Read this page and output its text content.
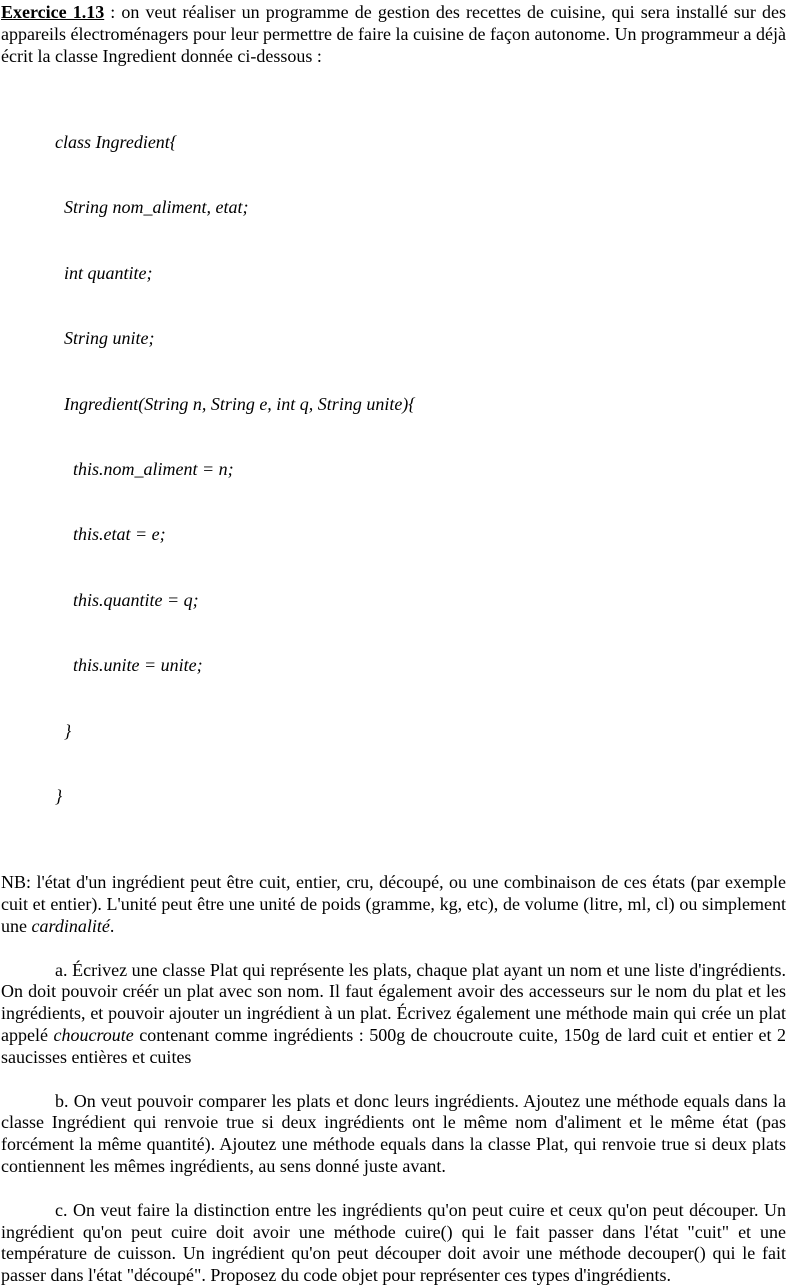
Exercice 1.13 : on veut réaliser un programme de gestion des recettes de cuisine, qui sera installé sur des appareils électroménagers pour leur permettre de faire la cuisine de façon autonome. Un programmeur a déjà écrit la classe Ingredient donnée ci-dessous :

class Ingredient{

String nom_aliment, etat;

int quantite;

String unite;

Ingredient(String n, String e, int q, String unite){

this.nom_aliment = n;

this.etat = e;

this.quantite = q;

this.unite = unite;

}

}

NB: l'état d'un ingrédient peut être cuit, entier, cru, découpé, ou une combinaison de ces états (par exemple cuit et entier). L'unité peut être une unité de poids (gramme, kg, etc), de volume (litre, ml, cl) ou simplement une cardinalité.

a. Écrivez une classe Plat qui représente les plats, chaque plat ayant un nom et une liste d'ingrédients. On doit pouvoir créér un plat avec son nom. Il faut également avoir des accesseurs sur le nom du plat et les ingrédients, et pouvoir ajouter un ingrédient à un plat. Écrivez également une méthode main qui crée un plat appelé choucroute contenant comme ingrédients : 500g de choucroute cuite, 150g de lard cuit et entier et 2 saucisses entières et cuites

b. On veut pouvoir comparer les plats et donc leurs ingrédients. Ajoutez une méthode equals dans la classe Ingrédient qui renvoie true si deux ingrédients ont le même nom d'aliment et le même état (pas forcément la même quantité). Ajoutez une méthode equals dans la classe Plat, qui renvoie true si deux plats contiennent les mêmes ingrédients, au sens donné juste avant.

c. On veut faire la distinction entre les ingrédients qu'on peut cuire et ceux qu'on peut découper. Un ingrédient qu'on peut cuire doit avoir une méthode cuire() qui le fait passer dans l'état "cuit" et une température de cuisson. Un ingrédient qu'on peut découper doit avoir une méthode decouper() qui le fait passer dans l'état "découpé". Proposez du code objet pour représenter ces types d'ingrédients.
